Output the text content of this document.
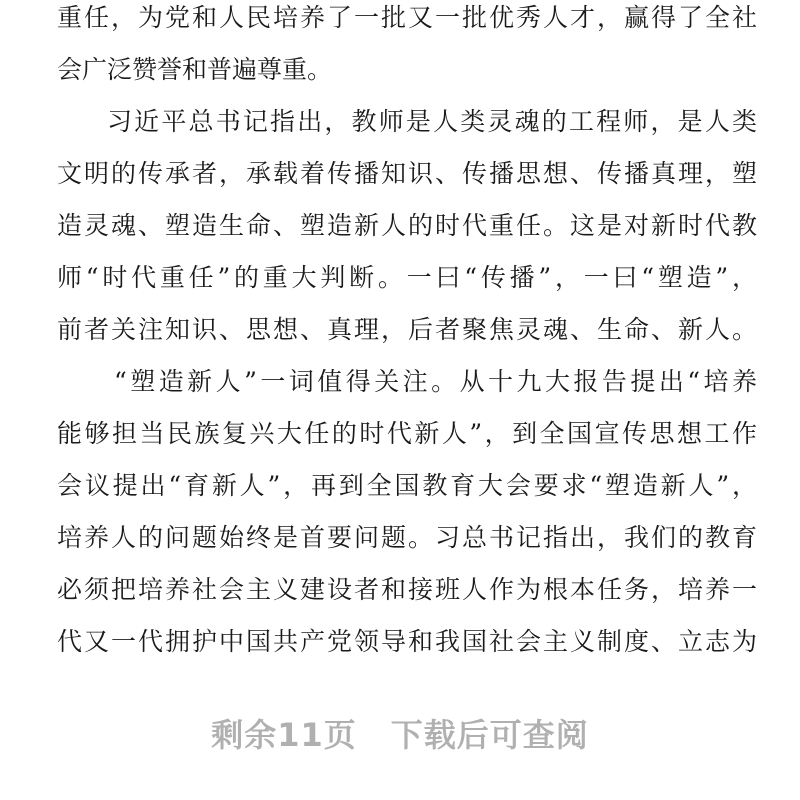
重任，为党和人民培养了一批又一批优秀人才，赢得了全社
会广泛赞誉和普遍尊重。
习近平总书记指出，教师是人类灵魂的工程师，是人类
文明的传承者，承载着传播知识、传播思想、传播真理，塑
造灵魂、塑造生命、塑造新人的时代重任。这是对新时代教
师“时代重任”的重大判断。一曰“传播”，一曰“塑造”，
前者关注知识、思想、真理，后者聚焦灵魂、生命、新人。
“塑造新人”一词值得关注。从十九大报告提出“培养
能够担当民族复兴大任的时代新人”，到全国宣传思想工作
会议提出“育新人”，再到全国教育大会要求“塑造新人”，
培养人的问题始终是首要问题。习总书记指出，我们的教育
必须把培养社会主义建设者和接班人作为根本任务，培养一
代又一代拥护中国共产党领导和我国社会主义制度、立志为
剩余11页 下载后可查阅
